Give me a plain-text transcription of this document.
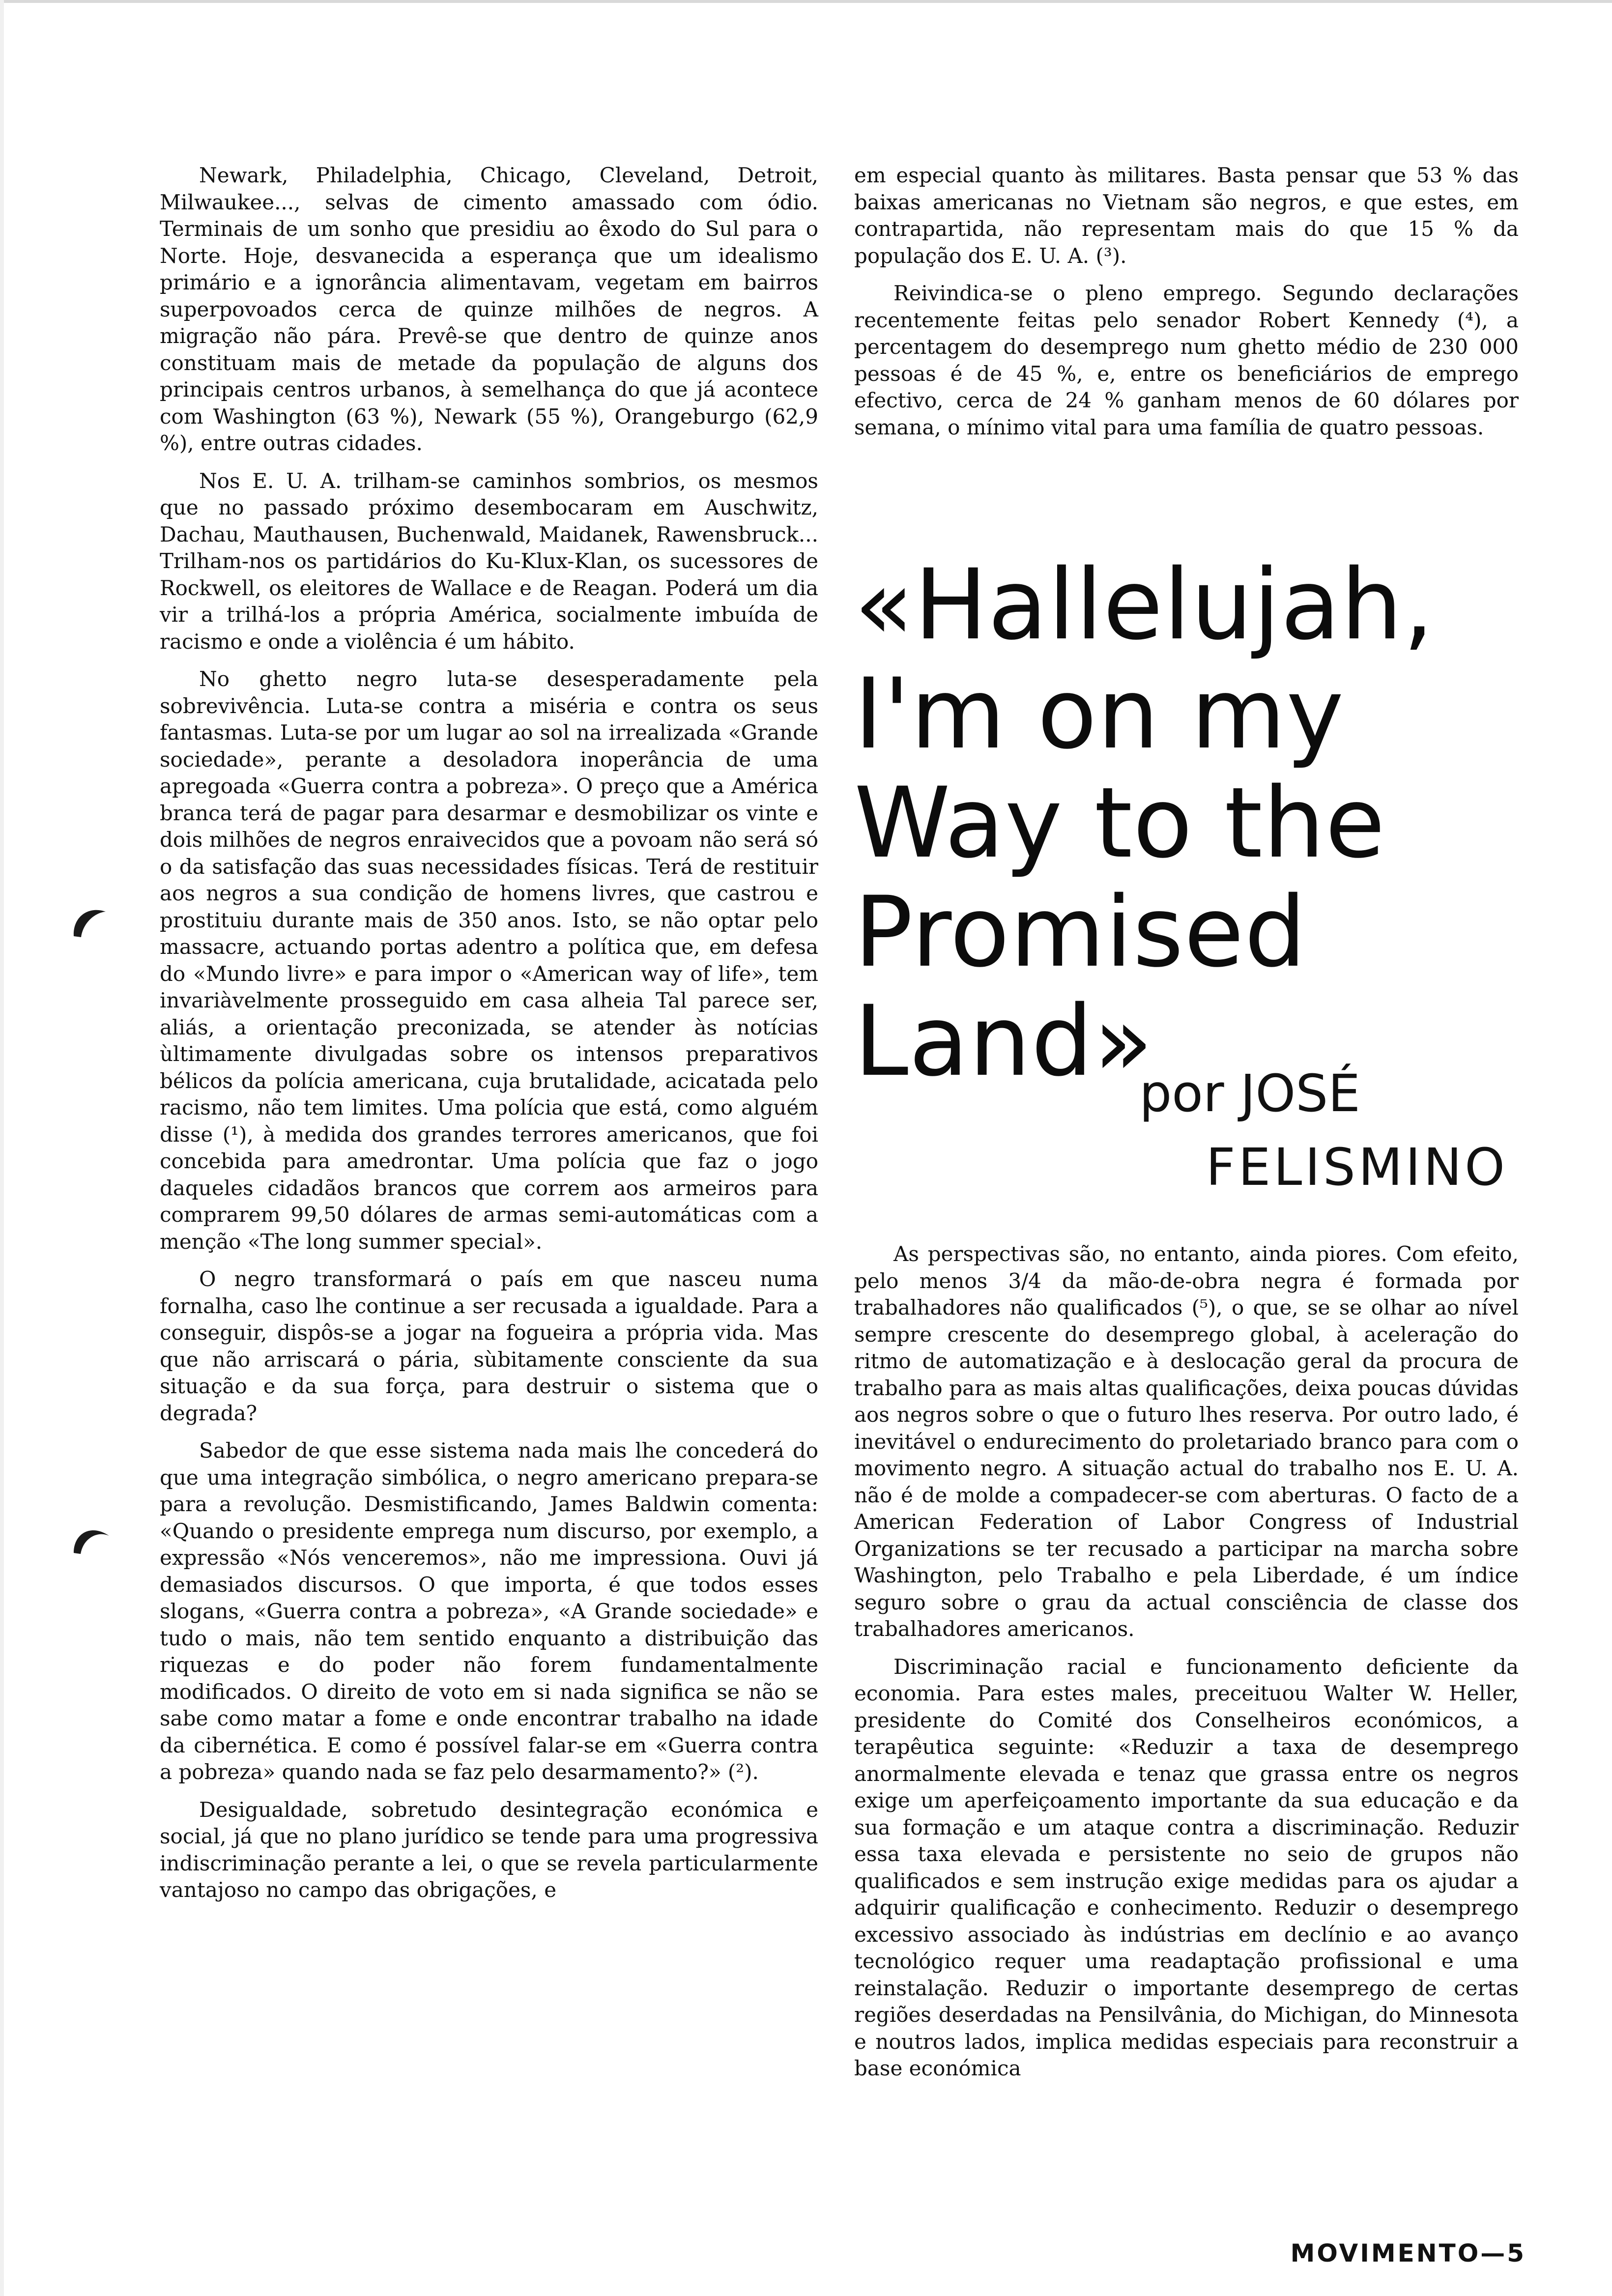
Newark, Philadelphia, Chicago, Cleveland, Detroit, Milwaukee..., selvas de cimento amassado com ódio. Terminais de um sonho que presidiu ao êxodo do Sul para o Norte. Hoje, desvanecida a esperança que um idealismo primário e a ignorância alimentavam, vegetam em bairros superpovoados cerca de quinze milhões de negros. A migração não pára. Prevê-se que dentro de quinze anos constituam mais de metade da população de alguns dos principais centros urbanos, à semelhança do que já acontece com Washington (63 %), Newark (55 %), Orangeburgo (62,9 %), entre outras cidades.

Nos E. U. A. trilham-se caminhos sombrios, os mesmos que no passado próximo desembocaram em Auschwitz, Dachau, Mauthausen, Buchenwald, Maidanek, Rawensbruck... Trilham-nos os partidários do Ku-Klux-Klan, os sucessores de Rockwell, os eleitores de Wallace e de Reagan. Poderá um dia vir a trilhá-los a própria América, socialmente imbuída de racismo e onde a violência é um hábito.

No ghetto negro luta-se desesperadamente pela sobrevivência. Luta-se contra a miséria e contra os seus fantasmas. Luta-se por um lugar ao sol na irrealizada «Grande sociedade», perante a desoladora inoperância de uma apregoada «Guerra contra a pobreza». O preço que a América branca terá de pagar para desarmar e desmobilizar os vinte e dois milhões de negros enraivecidos que a povoam não será só o da satisfação das suas necessidades físicas. Terá de restituir aos negros a sua condição de homens livres, que castrou e prostituiu durante mais de 350 anos. Isto, se não optar pelo massacre, actuando portas adentro a política que, em defesa do «Mundo livre» e para impor o «American way of life», tem invariàvelmente prosseguido em casa alheia Tal parece ser, aliás, a orientação preconizada, se atender às notícias ùltimamente divulgadas sobre os intensos preparativos bélicos da polícia americana, cuja brutalidade, acicatada pelo racismo, não tem limites. Uma polícia que está, como alguém disse (¹), à medida dos grandes terrores americanos, que foi concebida para amedrontar. Uma polícia que faz o jogo daqueles cidadãos brancos que correm aos armeiros para comprarem 99,50 dólares de armas semi-automáticas com a menção «The long summer special».

O negro transformará o país em que nasceu numa fornalha, caso lhe continue a ser recusada a igualdade. Para a conseguir, dispôs-se a jogar na fogueira a própria vida. Mas que não arriscará o pária, sùbitamente consciente da sua situação e da sua força, para destruir o sistema que o degrada?

Sabedor de que esse sistema nada mais lhe concederá do que uma integração simbólica, o negro americano prepara-se para a revolução. Desmistificando, James Baldwin comenta: «Quando o presidente emprega num discurso, por exemplo, a expressão «Nós venceremos», não me impressiona. Ouvi já demasiados discursos. O que importa, é que todos esses slogans, «Guerra contra a pobreza», «A Grande sociedade» e tudo o mais, não tem sentido enquanto a distribuição das riquezas e do poder não forem fundamentalmente modificados. O direito de voto em si nada significa se não se sabe como matar a fome e onde encontrar trabalho na idade da cibernética. E como é possível falar-se em «Guerra contra a pobreza» quando nada se faz pelo desarmamento?» (²).

Desigualdade, sobretudo desintegração económica e social, já que no plano jurídico se tende para uma progressiva indiscriminação perante a lei, o que se revela particularmente vantajoso no campo das obrigações, e

em especial quanto às militares. Basta pensar que 53 % das baixas americanas no Vietnam são negros, e que estes, em contrapartida, não representam mais do que 15 % da população dos E. U. A. (³).

Reivindica-se o pleno emprego. Segundo declarações recentemente feitas pelo senador Robert Kennedy (⁴), a percentagem do desemprego num ghetto médio de 230 000 pessoas é de 45 %, e, entre os beneficiários de emprego efectivo, cerca de 24 % ganham menos de 60 dólares por semana, o mínimo vital para uma família de quatro pessoas.

«Hallelujah, I'm on my Way to the Promised Land»
por JOSÉ
FELISMINO

As perspectivas são, no entanto, ainda piores. Com efeito, pelo menos 3/4 da mão-de-obra negra é formada por trabalhadores não qualificados (⁵), o que, se se olhar ao nível sempre crescente do desemprego global, à aceleração do ritmo de automatização e à deslocação geral da procura de trabalho para as mais altas qualificações, deixa poucas dúvidas aos negros sobre o que o futuro lhes reserva. Por outro lado, é inevitável o endurecimento do proletariado branco para com o movimento negro. A situação actual do trabalho nos E. U. A. não é de molde a compadecer-se com aberturas. O facto de a American Federation of Labor Congress of Industrial Organizations se ter recusado a participar na marcha sobre Washington, pelo Trabalho e pela Liberdade, é um índice seguro sobre o grau da actual consciência de classe dos trabalhadores americanos.

Discriminação racial e funcionamento deficiente da economia. Para estes males, preceituou Walter W. Heller, presidente do Comité dos Conselheiros económicos, a terapêutica seguinte: «Reduzir a taxa de desemprego anormalmente elevada e tenaz que grassa entre os negros exige um aperfeiçoamento importante da sua educação e da sua formação e um ataque contra a discriminação. Reduzir essa taxa elevada e persistente no seio de grupos não qualificados e sem instrução exige medidas para os ajudar a adquirir qualificação e conhecimento. Reduzir o desemprego excessivo associado às indústrias em declínio e ao avanço tecnológico requer uma readaptação profissional e uma reinstalação. Reduzir o importante desemprego de certas regiões deserdadas na Pensilvânia, do Michigan, do Minnesota e noutros lados, implica medidas especiais para reconstruir a base económica

MOVIMENTO—5
